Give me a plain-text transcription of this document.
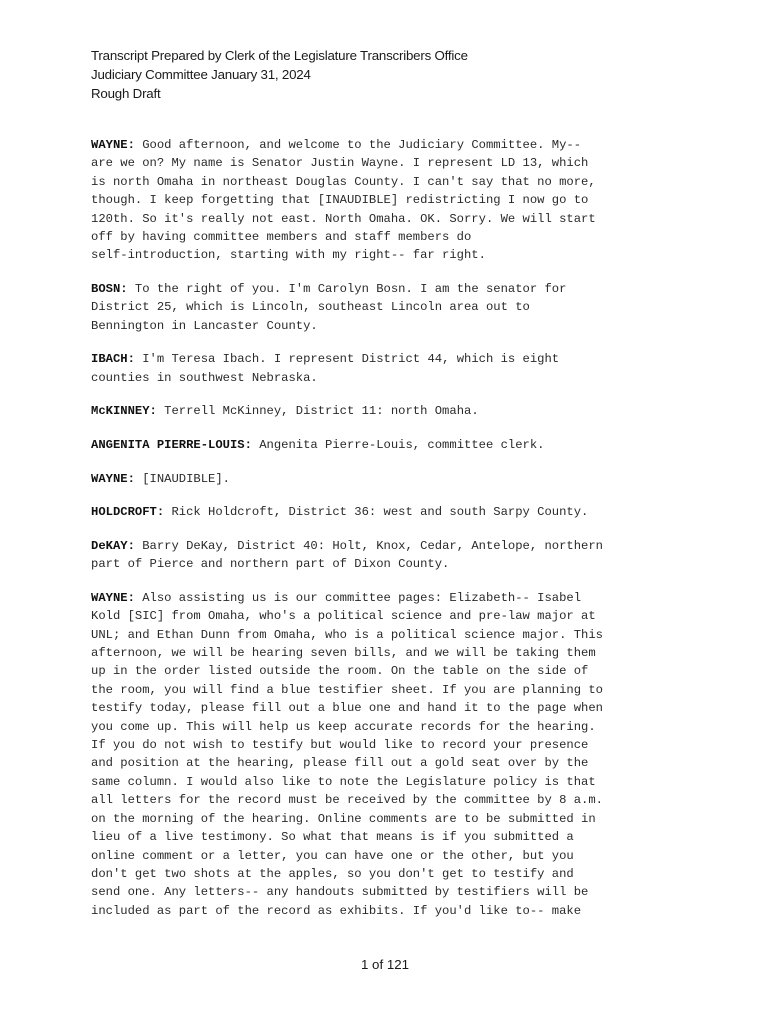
Transcript Prepared by Clerk of the Legislature Transcribers Office
Judiciary Committee January 31, 2024
Rough Draft
WAYNE: Good afternoon, and welcome to the Judiciary Committee. My--
are we on? My name is Senator Justin Wayne. I represent LD 13, which
is north Omaha in northeast Douglas County. I can't say that no more,
though. I keep forgetting that [INAUDIBLE] redistricting I now go to
120th. So it's really not east. North Omaha. OK. Sorry. We will start
off by having committee members and staff members do
self-introduction, starting with my right-- far right.
BOSN: To the right of you. I'm Carolyn Bosn. I am the senator for
District 25, which is Lincoln, southeast Lincoln area out to
Bennington in Lancaster County.
IBACH: I'm Teresa Ibach. I represent District 44, which is eight
counties in southwest Nebraska.
McKINNEY: Terrell McKinney, District 11: north Omaha.
ANGENITA PIERRE-LOUIS: Angenita Pierre-Louis, committee clerk.
WAYNE: [INAUDIBLE].
HOLDCROFT: Rick Holdcroft, District 36: west and south Sarpy County.
DeKAY: Barry DeKay, District 40: Holt, Knox, Cedar, Antelope, northern
part of Pierce and northern part of Dixon County.
WAYNE: Also assisting us is our committee pages: Elizabeth-- Isabel
Kold [SIC] from Omaha, who's a political science and pre-law major at
UNL; and Ethan Dunn from Omaha, who is a political science major. This
afternoon, we will be hearing seven bills, and we will be taking them
up in the order listed outside the room. On the table on the side of
the room, you will find a blue testifier sheet. If you are planning to
testify today, please fill out a blue one and hand it to the page when
you come up. This will help us keep accurate records for the hearing.
If you do not wish to testify but would like to record your presence
and position at the hearing, please fill out a gold seat over by the
same column. I would also like to note the Legislature policy is that
all letters for the record must be received by the committee by 8 a.m.
on the morning of the hearing. Online comments are to be submitted in
lieu of a live testimony. So what that means is if you submitted a
online comment or a letter, you can have one or the other, but you
don't get two shots at the apples, so you don't get to testify and
send one. Any letters-- any handouts submitted by testifiers will be
included as part of the record as exhibits. If you'd like to-- make
1 of 121
